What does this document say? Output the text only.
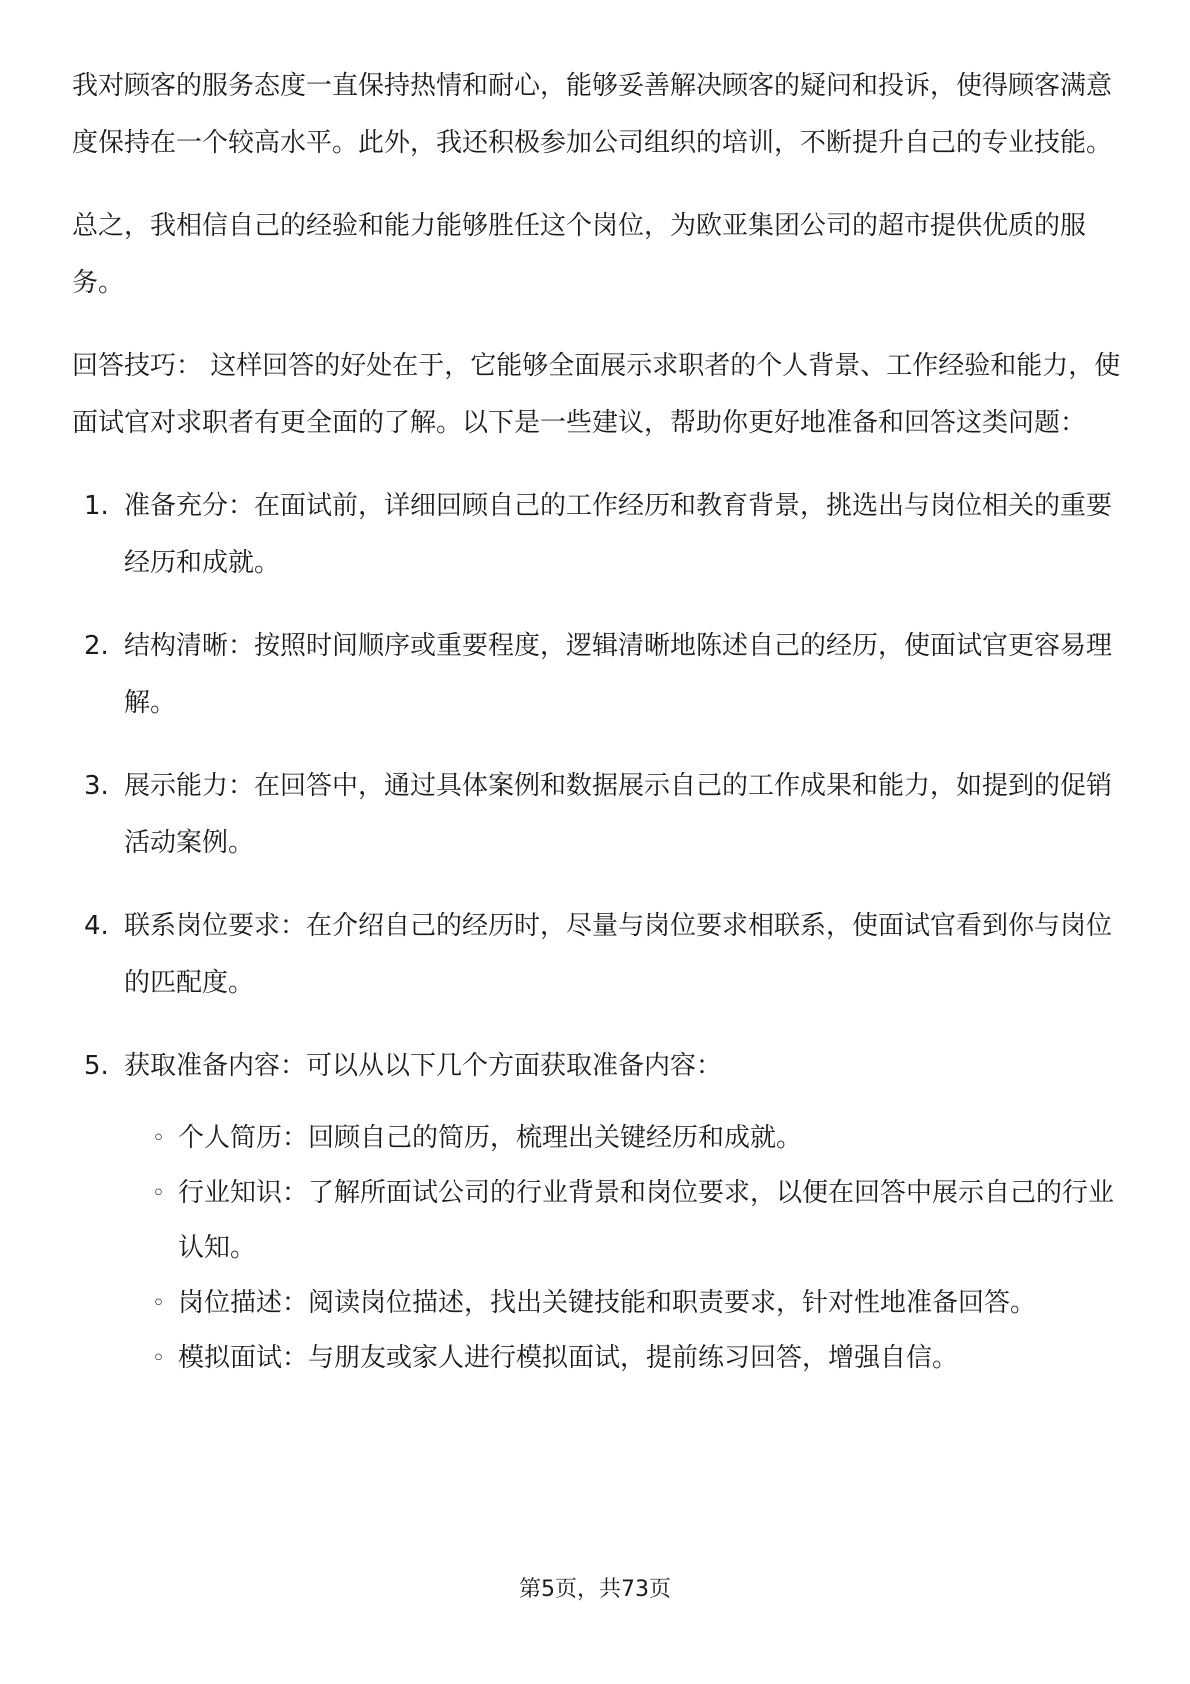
我对顾客的服务态度一直保持热情和耐心，能够妥善解决顾客的疑问和投诉，使得顾客满意度保持在一个较高水平。此外，我还积极参加公司组织的培训，不断提升自己的专业技能。

总之，我相信自己的经验和能力能够胜任这个岗位，为欧亚集团公司的超市提供优质的服务。

回答技巧： 这样回答的好处在于，它能够全面展示求职者的个人背景、工作经验和能力，使面试官对求职者有更全面的了解。以下是一些建议，帮助你更好地准备和回答这类问题：

1. 准备充分：在面试前，详细回顾自己的工作经历和教育背景，挑选出与岗位相关的重要经历和成就。
2. 结构清晰：按照时间顺序或重要程度，逻辑清晰地陈述自己的经历，使面试官更容易理解。
3. 展示能力：在回答中，通过具体案例和数据展示自己的工作成果和能力，如提到的促销活动案例。
4. 联系岗位要求：在介绍自己的经历时，尽量与岗位要求相联系，使面试官看到你与岗位的匹配度。
5. 获取准备内容：可以从以下几个方面获取准备内容：
◦ 个人简历：回顾自己的简历，梳理出关键经历和成就。
◦ 行业知识：了解所面试公司的行业背景和岗位要求，以便在回答中展示自己的行业认知。
◦ 岗位描述：阅读岗位描述，找出关键技能和职责要求，针对性地准备回答。
◦ 模拟面试：与朋友或家人进行模拟面试，提前练习回答，增强自信。
第5页，共73页
